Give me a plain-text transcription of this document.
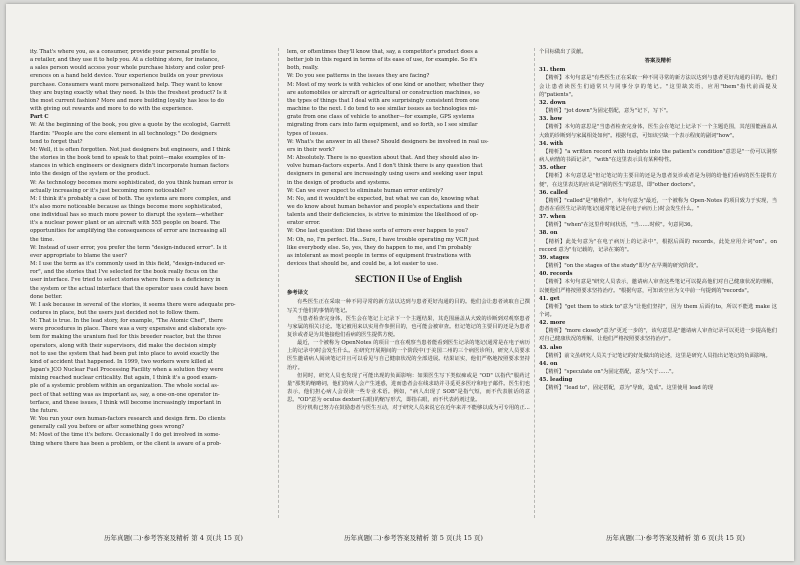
ity. That's where you, as a consumer, provide your personal profile to

a retailer, and they use it to help you. At a clothing store, for instance,

a sales person would access your whole purchase history and color pref-

erences on a hand held device. Your experience builds on your previous

purchase. Consumers want more personalized help. They want to know

they are buying exactly what they need. Is this the freshest product? Is it

the most current fashion? More and more building loyalty has less to do

with giving out rewards and more to do with the experience.

Part C

W: At the beginning of the book, you give a quote by the ecologist, Garrett

Hardin: "People are the core element in all technology." Do designers

tend to forget that?

M: Well, it is often forgotten. Not just designers but engineers, and I think

the stories in the book tend to speak to that point—make examples of in-

stances in which engineers or designers didn't incorporate human factors

into the design of the system or the product.

W: As technology becomes more sophisticated, do you think human error is

actually increasing or it's just becoming more noticeable?

M: I think it's probably a case of both. The systems are more complex, and

it's also more noticeable because as things become more sophisticated,

one individual has so much more power to disrupt the system—whether

it's a nuclear power plant or an aircraft with 555 people on board. The

opportunities for amplifying the consequences of error are increasing all

the time.

W: Instead of user error, you prefer the term "design-induced error". Is it

ever appropriate to blame the user?

M: I use the term as it's commonly used in this field, "design-induced er-

ror", and the stories that I've selected for the book really focus on the

user interface. I've tried to select stories where there is a deficiency in

the system or the actual interface that the operator uses could have been

done better.

W: I ask because in several of the stories, it seems there were adequate pro-

cedures in place, but the users just decided not to follow them.

M: That is true. In the lead story, for example, "The Atomic Chef", there

were procedures in place. There was a very expensive and elaborate sys-

tem for making the uranium fuel for this breeder reactor, but the three

operators, along with their supervisors, did make the decision simply

not to use the system that had been put into place to avoid exactly the

kind of accident that happened. In 1999, two workers were killed at

Japan's JCO Nuclear Fuel Processing Facility when a solution they were

mixing reached nuclear criticality. But again, I think it's a good exam-

ple of a systemic problem within an organization. The whole social as-

pect of that setting was as important as, say, a one-on-one operator in-

terface, and these issues, I think will become increasingly important in

the future.

W: You run your own human-factors research and design firm. Do clients

generally call you before or after something goes wrong?

M: Most of the time it's before. Occasionally I do get involved in some-

thing where there has been a problem, or the client is aware of a prob-

lem, or oftentimes they'll know that, say, a competitor's product does a

better job in this regard in terms of its ease of use, for example. So it's

both, really.

W: Do you see patterns in the issues they are facing?

M: Most of my work is with vehicles of one kind or another, whether they

are automobiles or aircraft or agricultural or construction machines, so

the types of things that I deal with are surprisingly consistent from one

machine to the next. I do tend to see similar issues as technologies mi-

grate from one class of vehicle to another—for example, GPS systems

migrating from cars into farm equipment, and so forth, so I see similar

types of issues.

W: What's the answer in all these? Should designers be involved in real us-

ers in their work?

M: Absolutely. There is no question about that. And they should also in-

volve human-factors experts. And I don't think there is any question that

designers in general are increasingly using users and seeking user input

in the design of products and systems.

W: Can we ever expect to eliminate human error entirely?

M: No, and it wouldn't be expected, but what we can do, knowing what

we do know about human behavior and people's expectations and their

talents and their deficiencies, is strive to minimize the likelihood of op-

erator error.

W: One last question: Did these sorts of errors ever happen to you?

M: Oh, no, I'm perfect. Ha...Sure, I have trouble operating my VCR just

like everybody else. So, yes, they do happen to me, and I'm probably

as intolerant as most people in terms of equipment frustrations with

devices that should be, and could be, a lot easier to use.

SECTION II Use of English

参考译文

有些医生正在采取一种不同寻常的新方法以达到与患者更好沟通的目的。他们会让患者读取自己撰写关于他们的事情的笔记。

当患者检查完身体，医生会在笔记上记录下一个主题结果，其范围涵盖从大致的诊断到对观察患者与家属的相关讨论。笔记被用来以实用作参照目的，也可能会被审查。但记笔记的主要目的还是为患者复诊或者是为其他接他们看病的医生提供方便。

最近，一个被称为 OpenNotes 的项目一直在观察当患者能看到医生记录的笔记(通常是在电子病历上的记录中)时会发生什么。在研究开展期间的一个阶段中(于美国二州的三个病医诊所)，研究人员要求医生邀请病人阅读笔记并且可以看见与自己健康状况的全部进展。结果证实，他们严格地按照要求坚持治疗。

但同时，研究人员也发现了可能出现的负面影响：如果医生写下类似痴或是 "OD" 以指代"服药过量"那类的缩略词，他们的病人会产生迷惑，进而患者会在线求助并寻觅更多医疗和电子邮件。医生们也表示，他们担心病人会误读一些专业术语。例如，"病人出现了 SOB"是指气短，而不代表脏话的意思。"OD"意为 oculus dexter(右眼)的缩写形式，即指右眼，而不代表药剂过量。

医疗机构已努力在鼓励患者与医生互动，对于研究人员来说它在近年来并不能够以成为可专用的正...

个目标做出了贡献。

答案及精析

31. them

【精析】本句句意是"有些医生正在采取一种不同寻常的新方法以达到与患者更好沟通的目的。他们会让患者读医生们通常只与同事分享的笔记。"这里缺宾语，应用"them"指代前面提及的"patients"。

32. down

【精析】"jot down"为固定搭配，意为"记下，写下"。

33. how

【精析】本句的意思是"当患者检查完身体，医生会在笔记上记录下一个主题范围，其范围能涵盖从大致的诊断到与家属相处如何"。根据句意，可知该空缺一个表示程度的副词"how"。

34. with

【精析】"a written record with insights into the patient's condition"意思是"一份可以洞察病人病情的书面记录"，"with"在这里表示具有某种特性。

35. other

【精析】本句意思是"但记笔记的主要目的还是为患者复诊或者是为别的给他们看病的医生提供方便"，在这里表达的应该是"别的医生"的意思，即"other doctors"。

36. called

【精析】"called"是"被称作"，本句句意为"最近，一个被称为 Open-Notes 的项目致力于实现，当患者在看医生记录的笔记(通常笔记是在电子病历上)时会发生什么。"

37. when

【精析】"when"在这里作时间状语，"当……时候"。句意同36。

38. on

【精析】此处句意为"在电子病历上的记录中"，根据后面的 records，此处应用介词"on"。on record 意为"有记载的，记录在案的"。

39. stages

【精析】"on the stages of the study"即为"在早期的研究阶段"。

40. records

【精析】本句句意是"研究人员表示，邀请病人审查这些笔记可以提高他们对自己健康状况的理解，以便他们严格按照要求坚持治疗。"根据句意，可知该空应为文中前一句提到的"records"。

41. get

【精析】"get them to stick to"意为"让他们坚持"，因为 them 后面有to，所以不能选 make 这个词。

42. more

【精析】"more closely"意为"更近一步的"，该句意思是"邀请病人审查记录可以更进一步提高他们对自己健康状况的理解，让他们严格按照要求坚持治疗"。

43. also

【精析】前文虽研究人员关于记笔记的好处做出的论述，这里是研究人员指出记笔记的负面影响。

44. on

【精析】"speculate on"为固定搭配，意为"关于……"。

45. leading

【精析】"lead to"，固定搭配，意为"导致，造成"。这里使用 lead 的现

历年真题(二)·参考答案及精析 第 4 页(共 15 页)	历年真题(二)·参考答案及精析 第 5 页(共 15 页)	历年真题(二)·参考答案及精析 第 6 页(共 15 页)
